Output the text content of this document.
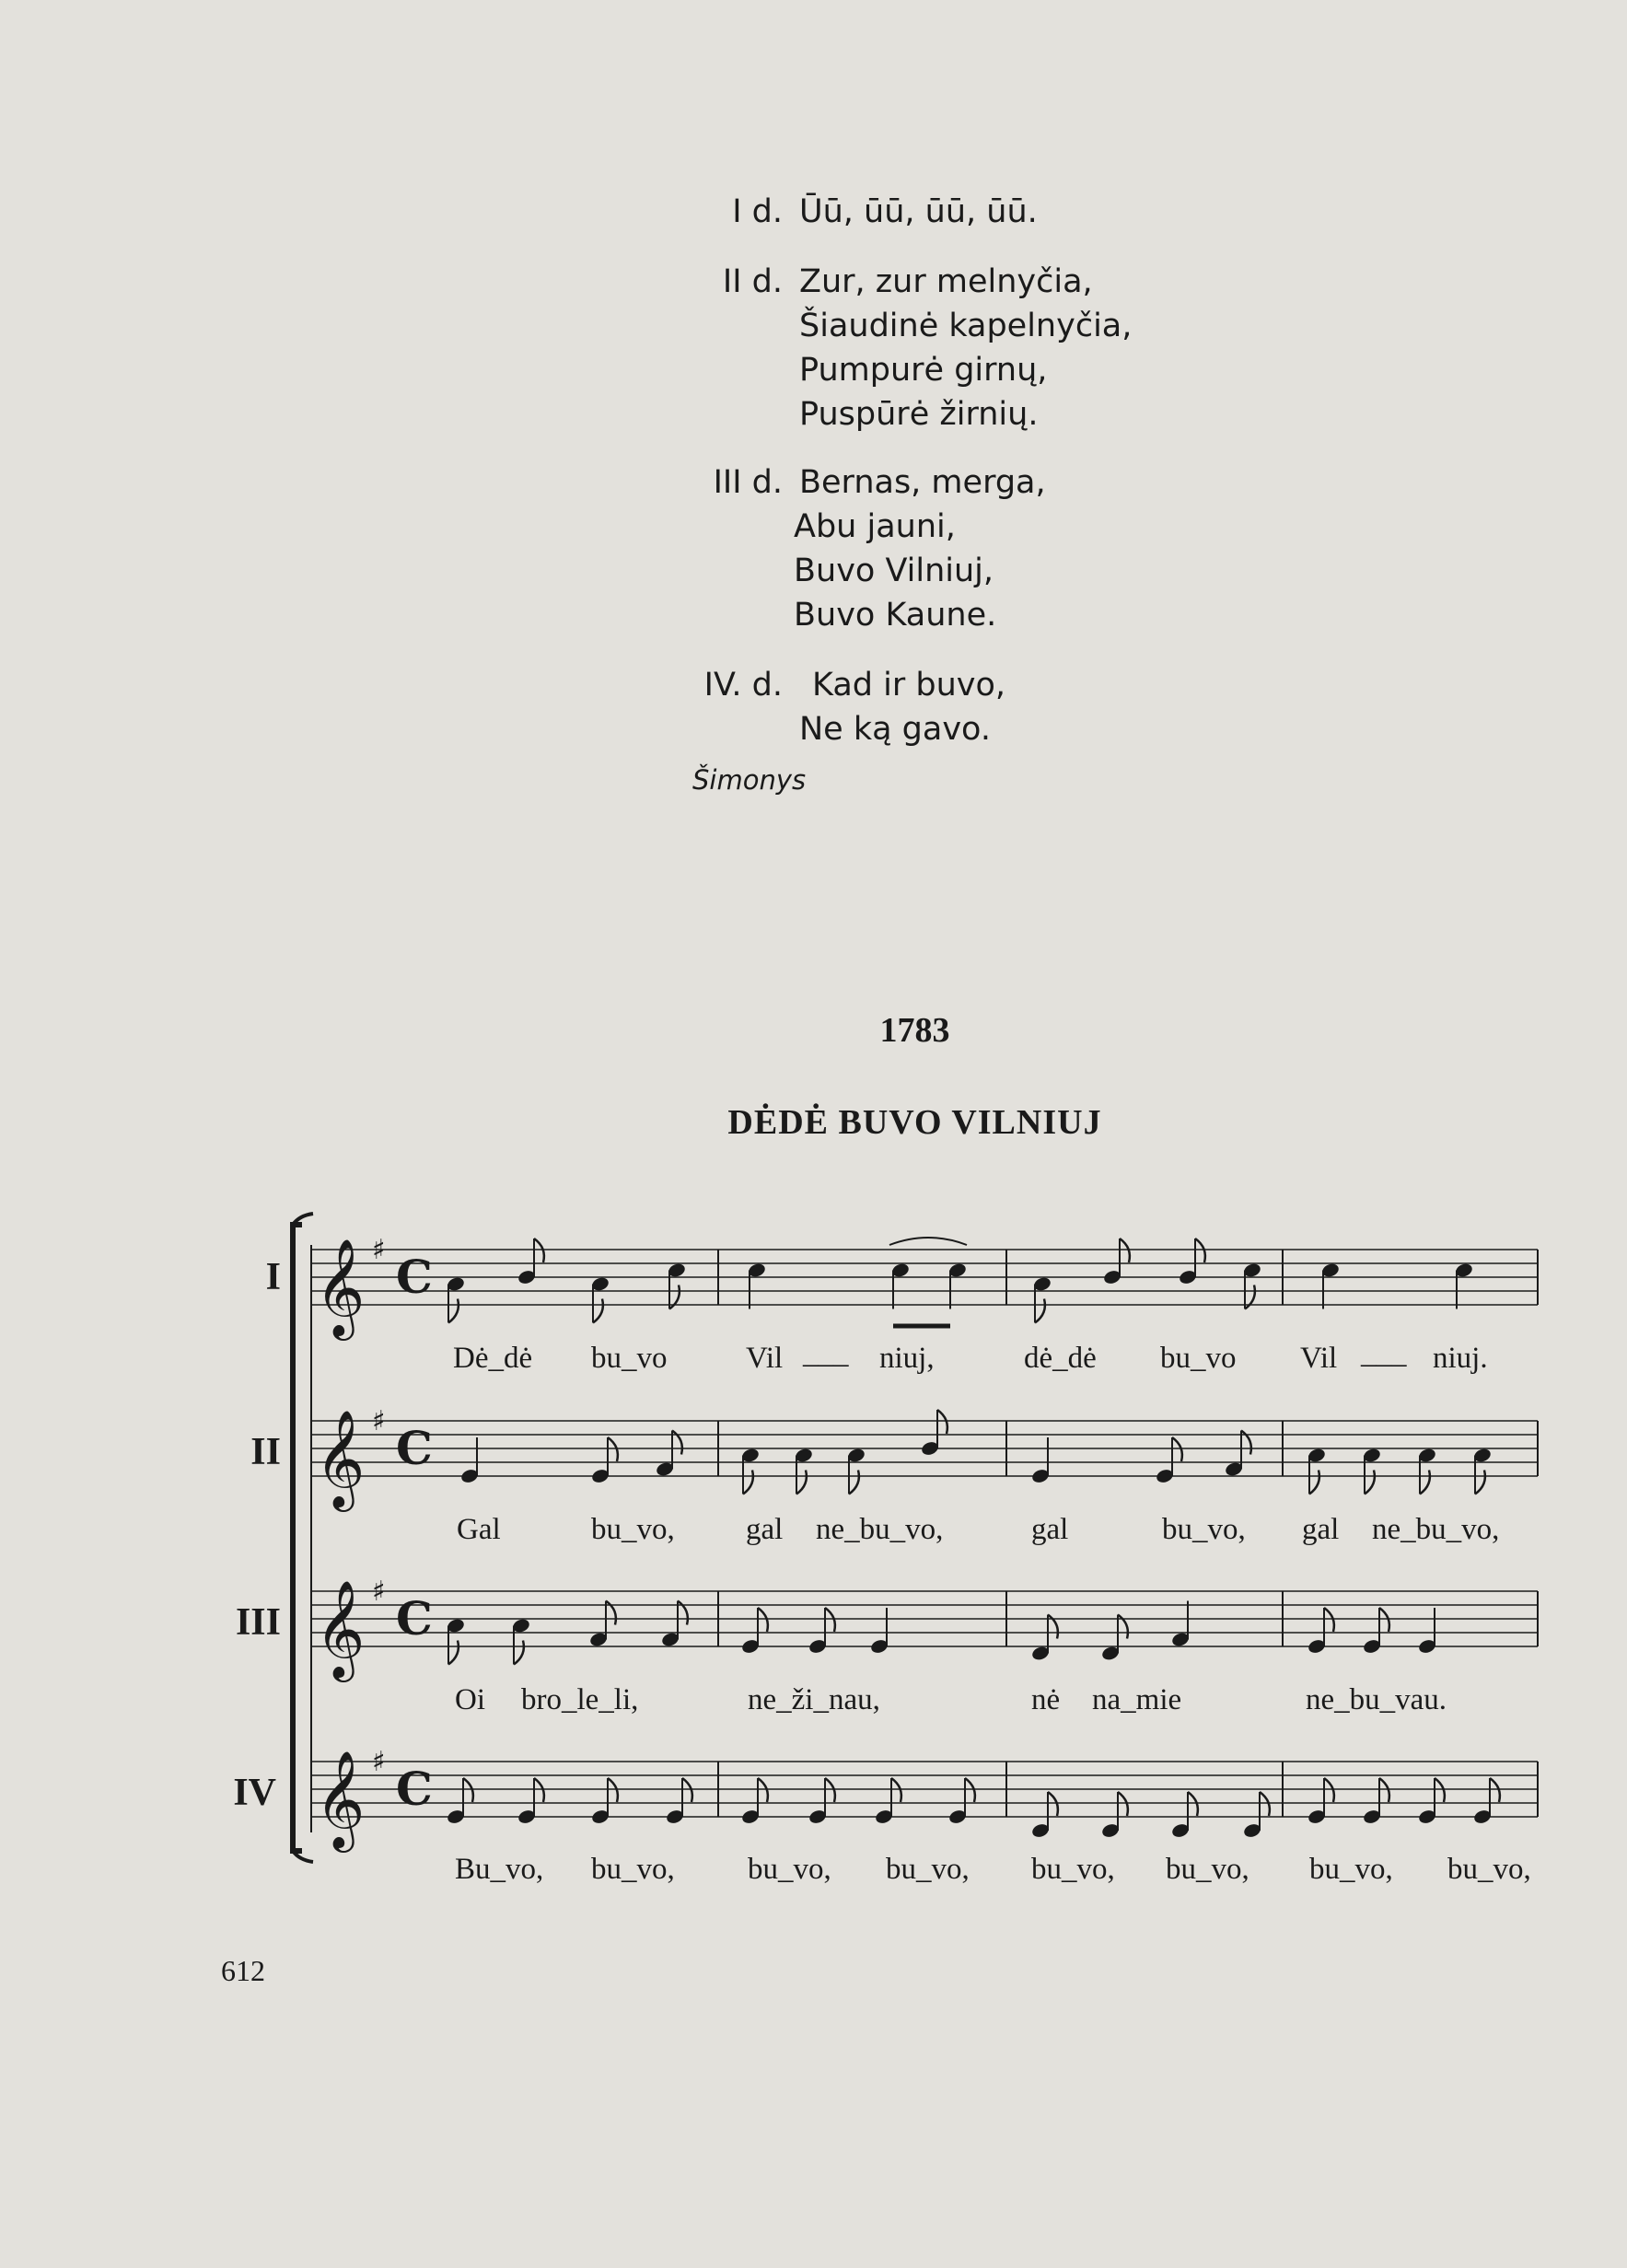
I d. Ūū, ūū, ūū, ūū.
II d. Zur, zur melnyčia,
Šiaudinė kapelnyčia,
Pumpurė girnų,
Puspūrė žirnių.
III d. Bernas, merga,
Abu jauni,
Buvo Vilniuj,
Buvo Kaune.
IV. d. Kad ir buvo,
Ne ką gavo.
Šimonys
1783
DĖDĖ BUVO VILNIUJ
I
II
III
IV
𝄞 ♯ C
𝄞 ♯ C
𝄞 ♯ C
𝄞 ♯ C
Dė_dė bu_vo	Vil ___ niuj,	dė_dė bu_vo Vil ___ niuj.
Gal	bu_vo, gal ne_bu_vo,	gal	bu_vo, gal ne_bu_vo,
Oi bro_le_li,	ne_ži_nau,	nė na_mie	ne_bu_vau.
Bu_vo, bu_vo, bu_vo, bu_vo, bu_vo, bu_vo, bu_vo, bu_vo,
612
